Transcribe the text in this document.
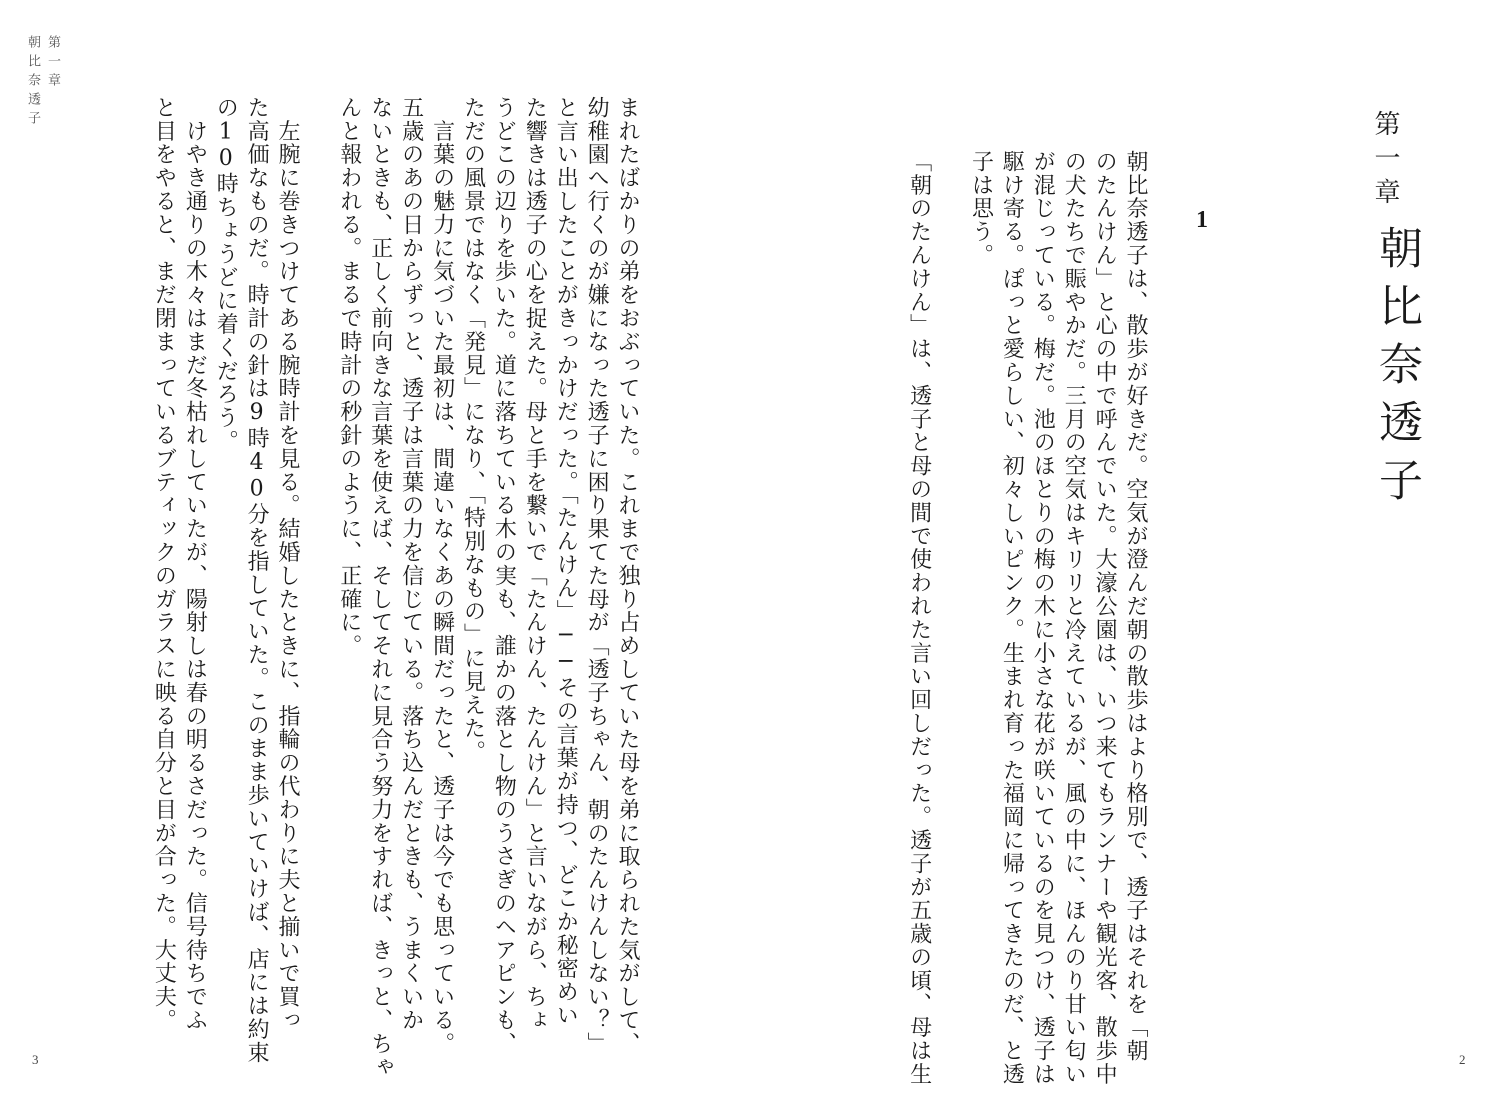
第一章
朝比奈透子
第一章
朝比奈透子
1
朝比奈透子は、散歩が好きだ。空気が澄んだ朝の散歩はより格別で、透子はそれを「朝
のたんけん」と心の中で呼んでいた。大濠公園は、いつ来てもランナーや観光客、散歩中
の犬たちで賑やかだ。三月の空気はキリリと冷えているが、風の中に、ほんのり甘い匂い
が混じっている。梅だ。池のほとりの梅の木に小さな花が咲いているのを見つけ、透子は
駆け寄る。ぽっと愛らしい、初々しいピンク。生まれ育った福岡に帰ってきたのだ、と透
子は思う。

「朝のたんけん」は、透子と母の間で使われた言い回しだった。透子が五歳の頃、母は生
まれたばかりの弟をおぶっていた。これまで独り占めしていた母を弟に取られた気がして、
幼稚園へ行くのが嫌になった透子に困り果てた母が「透子ちゃん、朝のたんけんしない？」
と言い出したことがきっかけだった。「たんけん」──その言葉が持つ、どこか秘密めい
た響きは透子の心を捉えた。母と手を繋いで「たんけん、たんけん」と言いながら、ちょ
うどこの辺りを歩いた。道に落ちている木の実も、誰かの落とし物のうさぎのヘアピンも、
ただの風景ではなく「発見」になり、「特別なもの」に見えた。
　言葉の魅力に気づいた最初は、間違いなくあの瞬間だったと、透子は今でも思っている。
五歳のあの日からずっと、透子は言葉の力を信じている。落ち込んだときも、うまくいか
ないときも、正しく前向きな言葉を使えば、そしてそれに見合う努力をすれば、きっと、ちゃ
んと報われる。まるで時計の秒針のように、正確に。

　左腕に巻きつけてある腕時計を見る。結婚したときに、指輪の代わりに夫と揃いで買っ
た高価なものだ。時計の針は9時40分を指していた。このまま歩いていけば、店には約束
の10時ちょうどに着くだろう。
　けやき通りの木々はまだ冬枯れしていたが、陽射しは春の明るさだった。信号待ちでふ
と目をやると、まだ閉まっているブティックのガラスに映る自分と目が合った。大丈夫。
3	2
